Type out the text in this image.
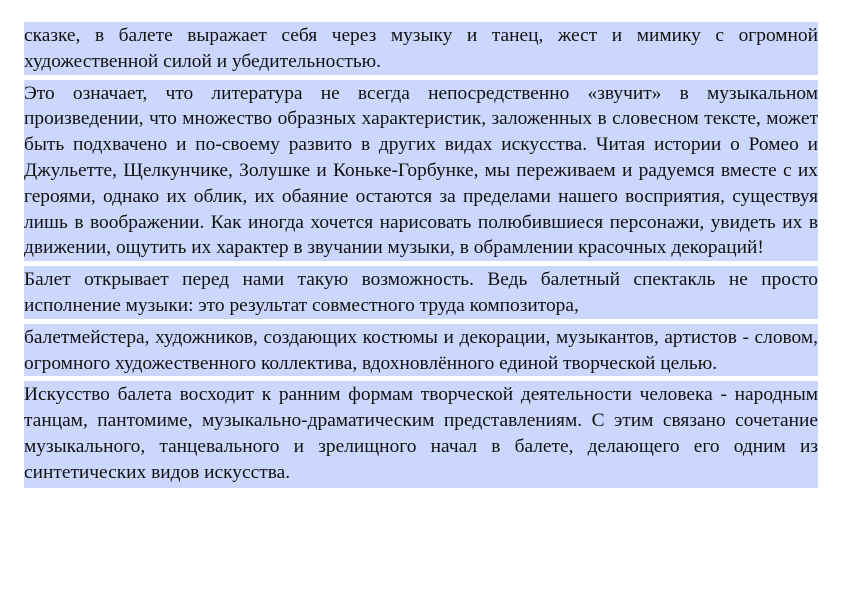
сказке, в балете выражает себя через музыку и танец, жест и мимику с огромной художественной силой и убедительностью.

Это означает, что литература не всегда непосредственно «звучит» в музыкальном произведении, что множество образных характеристик, заложенных в словесном тексте, может быть подхвачено и по-своему развито в других видах искусства. Читая истории о Ромео и Джульетте, Щелкунчике, Золушке и Коньке-Горбунке, мы переживаем и радуемся вместе с их героями, однако их облик, их обаяние остаются за пределами нашего восприятия, существуя лишь в воображении. Как иногда хочется нарисовать полюбившиеся персонажи, увидеть их в движении, ощутить их характер в звучании музыки, в обрамлении красочных декораций!

Балет открывает перед нами такую возможность. Ведь балетный спектакль не просто исполнение музыки: это результат совместного труда композитора,

балетмейстера, художников, создающих костюмы и декорации, музыкантов, артистов - словом, огромного художественного коллектива, вдохновлённого единой творческой целью.

Искусство балета восходит к ранним формам творческой деятельности человека - народным танцам, пантомиме, музыкально-драматическим представлениям. С этим связано сочетание музыкального, танцевального и зрелищного начал в балете, делающего его одним из синтетических видов искусства.
